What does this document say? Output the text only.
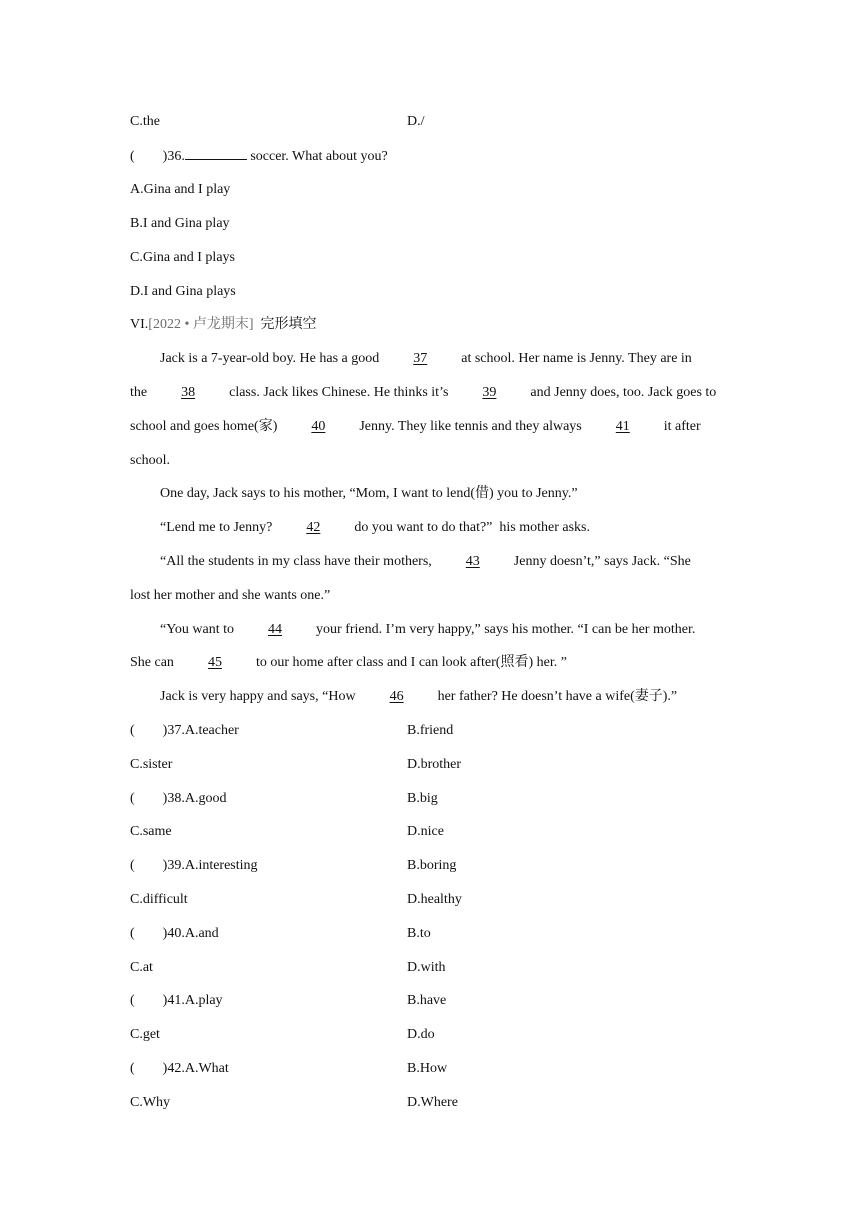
C.the	D./
(        )36.	soccer. What about you?
A.Gina and I play
B.I and Gina play
C.Gina and I plays
D.I and Gina plays
VI.[2022 • 卢龙期末] 完形填空
Jack is a 7-year-old boy. He has a good 37 at school. Her name is Jenny. They are in
the 38 class. Jack likes Chinese. He thinks it’s 39 and Jenny does, too. Jack goes to
school and goes home(家) 40 Jenny. They like tennis and they always 41 it after
school.
One day, Jack says to his mother, “Mom, I want to lend(借) you to Jenny.”
“Lend me to Jenny? 42 do you want to do that?”  his mother asks.
“All the students in my class have their mothers, 43 Jenny doesn’t,” says Jack. “She
lost her mother and she wants one.”
“You want to 44 your friend. I’m very happy,” says his mother. “I can be her mother.
She can 45 to our home after class and I can look after(照看) her. ”
Jack is very happy and says, “How 46 her father? He doesn’t have a wife(妻子).”
(        )37.A.teacher	B.friend
C.sister	D.brother
(        )38.A.good	B.big
C.same	D.nice
(        )39.A.interesting	B.boring
C.difficult	D.healthy
(        )40.A.and	B.to
C.at	D.with
(        )41.A.play	B.have
C.get	D.do
(        )42.A.What	B.How
C.Why	D.Where
